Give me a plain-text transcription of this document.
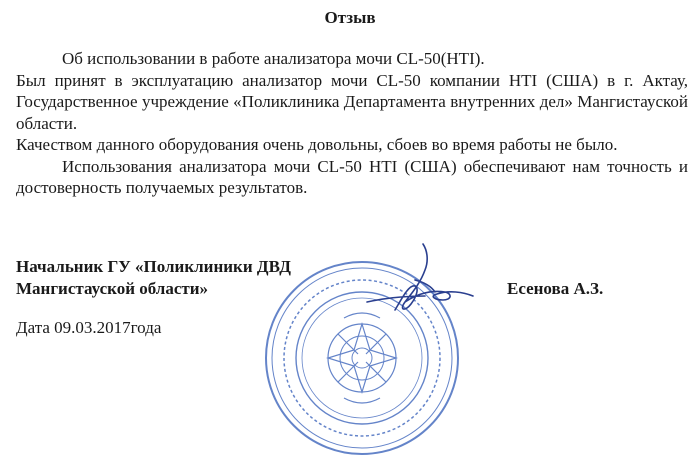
Отзыв

Об использовании в работе анализатора мочи CL-50(HTI).

Был принят в эксплуатацию анализатор мочи CL-50 компании HTI (США) в г. Актау, Государственное учреждение «Поликлиника Департамента внутренних дел» Мангистауской области.

Качеством данного оборудования очень довольны, сбоев во время работы не было.

Использования анализатора мочи CL-50 HTI (США) обеспечивают нам точность и достоверность получаемых результатов.

Начальник ГУ «Поликлиники ДВД
Мангистауской области»	Есенова А.З.
Дата 09.03.2017года
